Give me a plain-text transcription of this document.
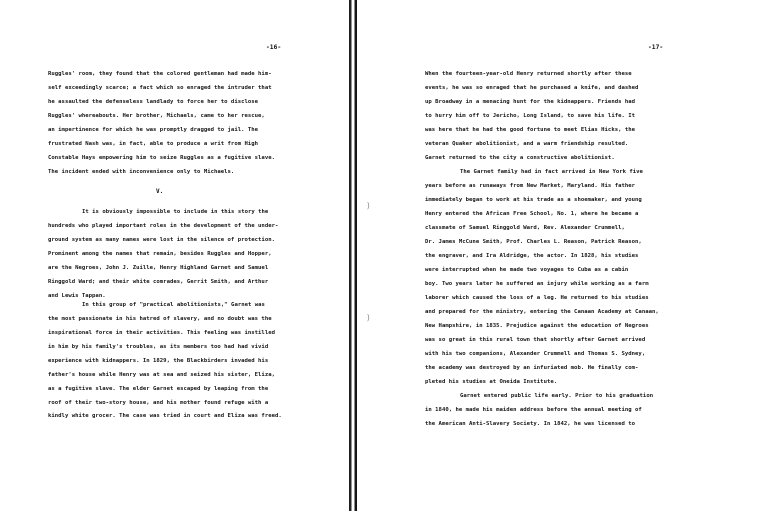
-16-
Ruggles' room, they found that the colored gentleman had made him-
self exceedingly scarce; a fact which so enraged the intruder that
he assaulted the defenseless landlady to force her to disclose
Ruggles' whereabouts. Her brother, Michaels, came to her rescue,
an impertinence for which he was promptly dragged to jail. The
frustrated Nash was, in fact, able to produce a writ from High
Constable Hays empowering him to seize Ruggles as a fugitive slave.
The incident ended with inconvenience only to Michaels.
V.
It is obviously impossible to include in this story the
hundreds who played important roles in the development of the under-
ground system as many names were lost in the silence of protection.
Prominent among the names that remain, besides Ruggles and Hopper,
are the Negroes, John J. Zuille, Henry Highland Garnet and Samuel
Ringgold Ward; and their white comrades, Gerrit Smith, and Arthur
and Lewis Tappan.
In this group of "practical abolitionists," Garnet was
the most passionate in his hatred of slavery, and no doubt was the
inspirational force in their activities. This feeling was instilled
in him by his family's troubles, as its members too had had vivid
experience with kidnappers. In 1829, the Blackbirders invaded his
father's house while Henry was at sea and seized his sister, Eliza,
as a fugitive slave. The elder Garnet escaped by leaping from the
roof of their two-story house, and his mother found refuge with a
kindly white grocer. The case was tried in court and Eliza was freed.
)
)
-17-
When the fourteen-year-old Henry returned shortly after these
events, he was so enraged that he purchased a knife, and dashed
up Broadway in a menacing hunt for the kidnappers. Friends had
to hurry him off to Jericho, Long Island, to save his life. It
was here that he had the good fortune to meet Elias Hicks, the
veteran Quaker abolitionist, and a warm friendship resulted.
Garnet returned to the city a constructive abolitionist.
The Garnet family had in fact arrived in New York five
years before as runaways from New Market, Maryland. His father
immediately began to work at his trade as a shoemaker, and young
Henry entered the African Free School, No. 1, where he became a
classmate of Samuel Ringgold Ward, Rev. Alexander Crummell,
Dr. James McCune Smith, Prof. Charles L. Reason, Patrick Reason,
the engraver, and Ira Aldridge, the actor. In 1828, his studies
were interrupted when he made two voyages to Cuba as a cabin
boy. Two years later he suffered an injury while working as a farm
laborer which caused the loss of a leg. He returned to his studies
and prepared for the ministry, entering the Canaan Academy at Canaan,
New Hampshire, in 1835. Prejudice against the education of Negroes
was so great in this rural town that shortly after Garnet arrived
with his two companions, Alexander Crummell and Thomas S. Sydney,
the academy was destroyed by an infuriated mob. He finally com-
pleted his studies at Oneida Institute.
Garnet entered public life early. Prior to his graduation
in 1840, he made his maiden address before the annual meeting of
the American Anti-Slavery Society. In 1842, he was licensed to
